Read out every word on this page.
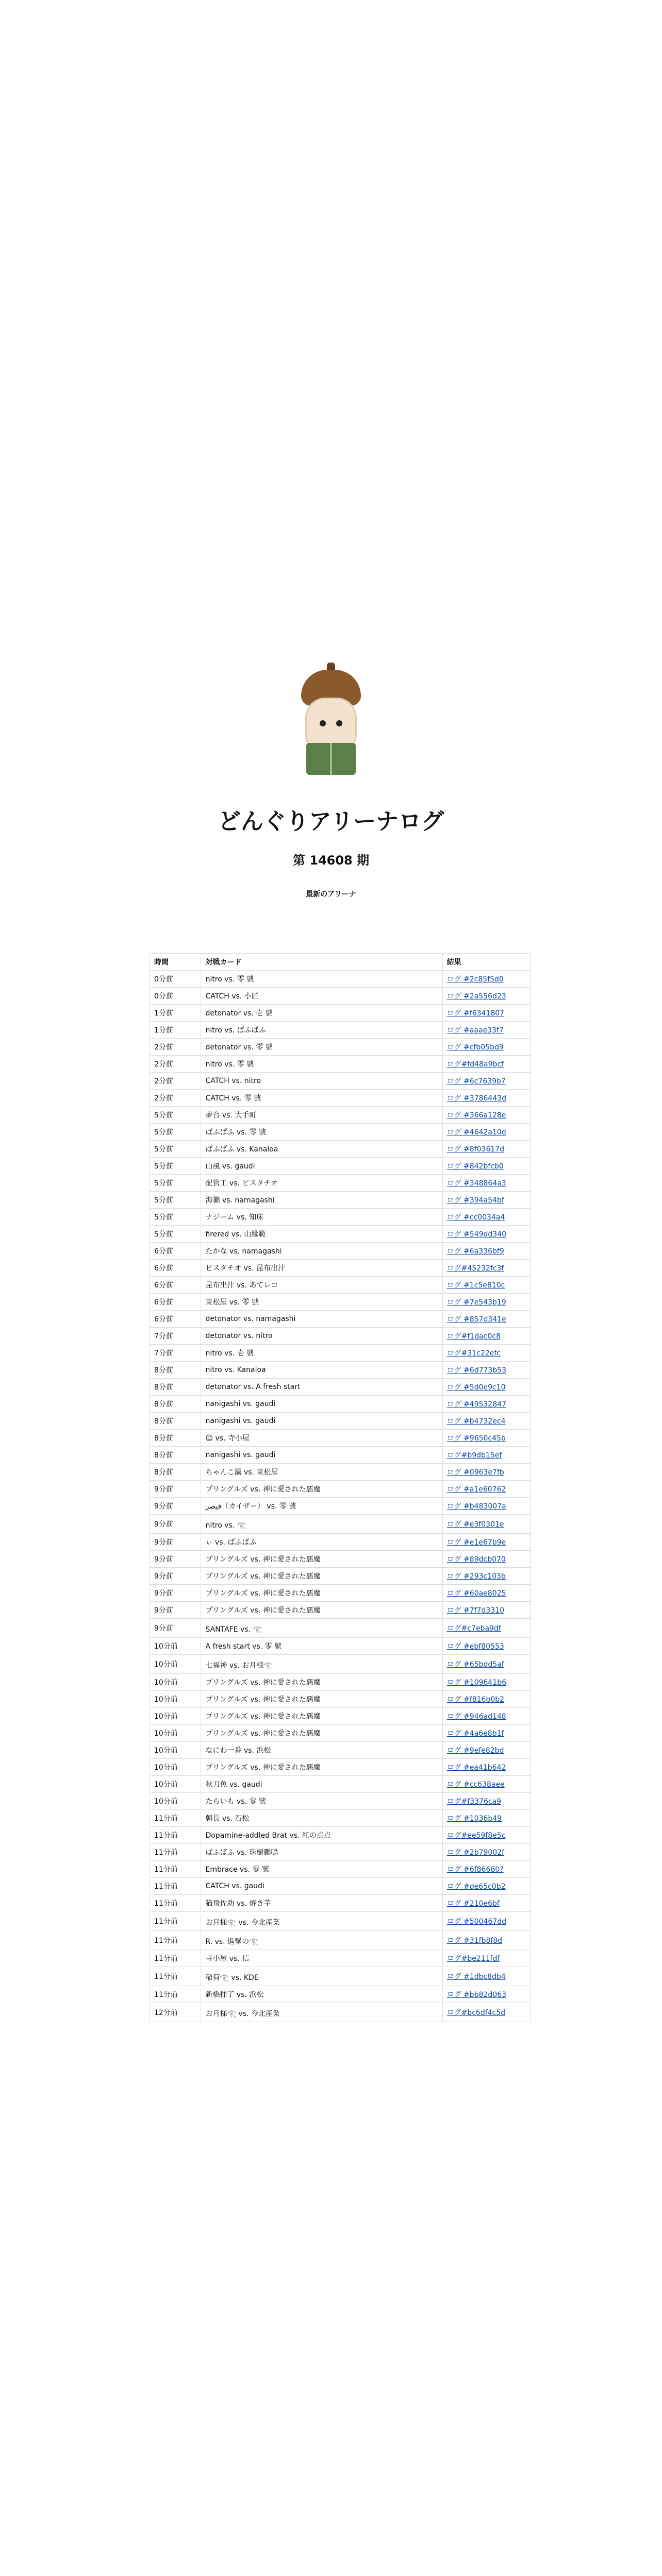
どんぐりアリーナログ
第 14608 期
最新のアリーナ
時間	対戦カード	結果
0分前	nitro vs. 零 號	ログ #2c85f5d0
0分前	CATCH vs. 小匠	ログ #2a556d23
1分前	detonator vs. 壱 號	ログ #f6341807
1分前	nitro vs. ぱふぱふ	ログ #aaae33f7
2分前	detonator vs. 零 號	ログ #cfb05bd9
2分前	nitro vs. 零 號	ログ#fd48a9bcf
2分前	CATCH vs. nitro	ログ #6c7639b7
2分前	CATCH vs. 零 號	ログ #3786443d
5分前	夢台 vs. 大手町	ログ #366a128e
5分前	ぱふぱふ vs. 零 號	ログ #4642a10d
5分前	ぱふぱふ vs. Kanaloa	ログ #8f03617d
5分前	山風 vs. gaudi	ログ #842bfcb0
5分前	配管工 vs. ピスタチオ	ログ #348864a3
5分前	海獺 vs. namagashi	ログ #394a54bf
5分前	ナジーム vs. 知床	ログ #cc0034a4
5分前	firered vs. 山縁範	ログ #549dd340
6分前	たかな vs. namagashi	ログ #6a336bf9
6分前	ピスタチオ vs. 昆布出汁	ログ#45232fc3f
6分前	昆布出汁 vs. あてレコ	ログ #1c5e810c
6分前	東松屋 vs. 零 號	ログ #7e543b19
6分前	detonator vs. namagashi	ログ #857d341e
7分前	detonator vs. nitro	ログ#f1dac0c8
7分前	nitro vs. 壱 號	ログ#31c22efc
8分前	nitro vs. Kanaloa	ログ #6d773b53
8分前	detonator vs. A fresh start	ログ #5d0e9c10
8分前	nanigashi vs. gaudi	ログ #49532847
8分前	nanigashi vs. gaudi	ログ #b4732ec4
8分前	☺ vs. 寺小屋	ログ #9650c45b
8分前	nanigashi vs. gaudi	ログ#b9db15ef
8分前	ちゃんこ鍋 vs. 東松屋	ログ #0963e7fb
9分前	プリングルズ vs. 神に愛された悪魔	ログ #a1e60762
9分前	قیصر（カイザー） vs. 零 號	ログ #b483007a
9分前	nitro vs. 𓂀	ログ #e3f0301e
9分前	ぃ vs. ぱふぱふ	ログ #e1e67b9e
9分前	プリングルズ vs. 神に愛された悪魔	ログ #89dcb070
9分前	プリングルズ vs. 神に愛された悪魔	ログ #293c103b
9分前	プリングルズ vs. 神に愛された悪魔	ログ #60ae8025
9分前	プリングルズ vs. 神に愛された悪魔	ログ #7f7d3310
9分前	SANTAFE vs. 𓂀	ログ#c7eba9df
10分前	A fresh start vs. 零 號	ログ #ebf80553
10分前	七福神 vs. お月様𓂀	ログ #65bdd5af
10分前	プリングルズ vs. 神に愛された悪魔	ログ #109641b6
10分前	プリングルズ vs. 神に愛された悪魔	ログ #f816b0b2
10分前	プリングルズ vs. 神に愛された悪魔	ログ #946ad148
10分前	プリングルズ vs. 神に愛された悪魔	ログ #4a6e8b1f
10分前	なにわ一番 vs. 浜松	ログ #9efe82bd
10分前	プリングルズ vs. 神に愛された悪魔	ログ #ea41b642
10分前	秋刀魚 vs. gaudi	ログ #cc638aee
10分前	たらいも vs. 零 號	ログ#f3376ca9
11分前	朝長 vs. 石松	ログ #1036b49
11分前	Dopamine-addled Brat vs. 紅の点点	ログ#ee59f8e5c
11分前	ぱふぱふ vs. 珠樹鵬鳴	ログ #2b79002f
11分前	Embrace vs. 零 號	ログ #6f86680?
11分前	CATCH vs. gaudi	ログ #de65c0b2
11分前	猫飛佐助 vs. 焼き芋	ログ #210e6bf
11分前	お月様𓂀 vs. 今北産業	ログ #500467dd
11分前	R. vs. 進撃の𓂀	ログ #31fb8f8d
11分前	寺小屋 vs. 信	ログ#be211fdf
11分前	稲荷𓂀 vs. KDE	ログ #1dbc8db4
11分前	新橋揮了 vs. 浜松	ログ #bb82d063
12分前	お月様𓂀 vs. 今北産業	ログ#bc6df4c5d
